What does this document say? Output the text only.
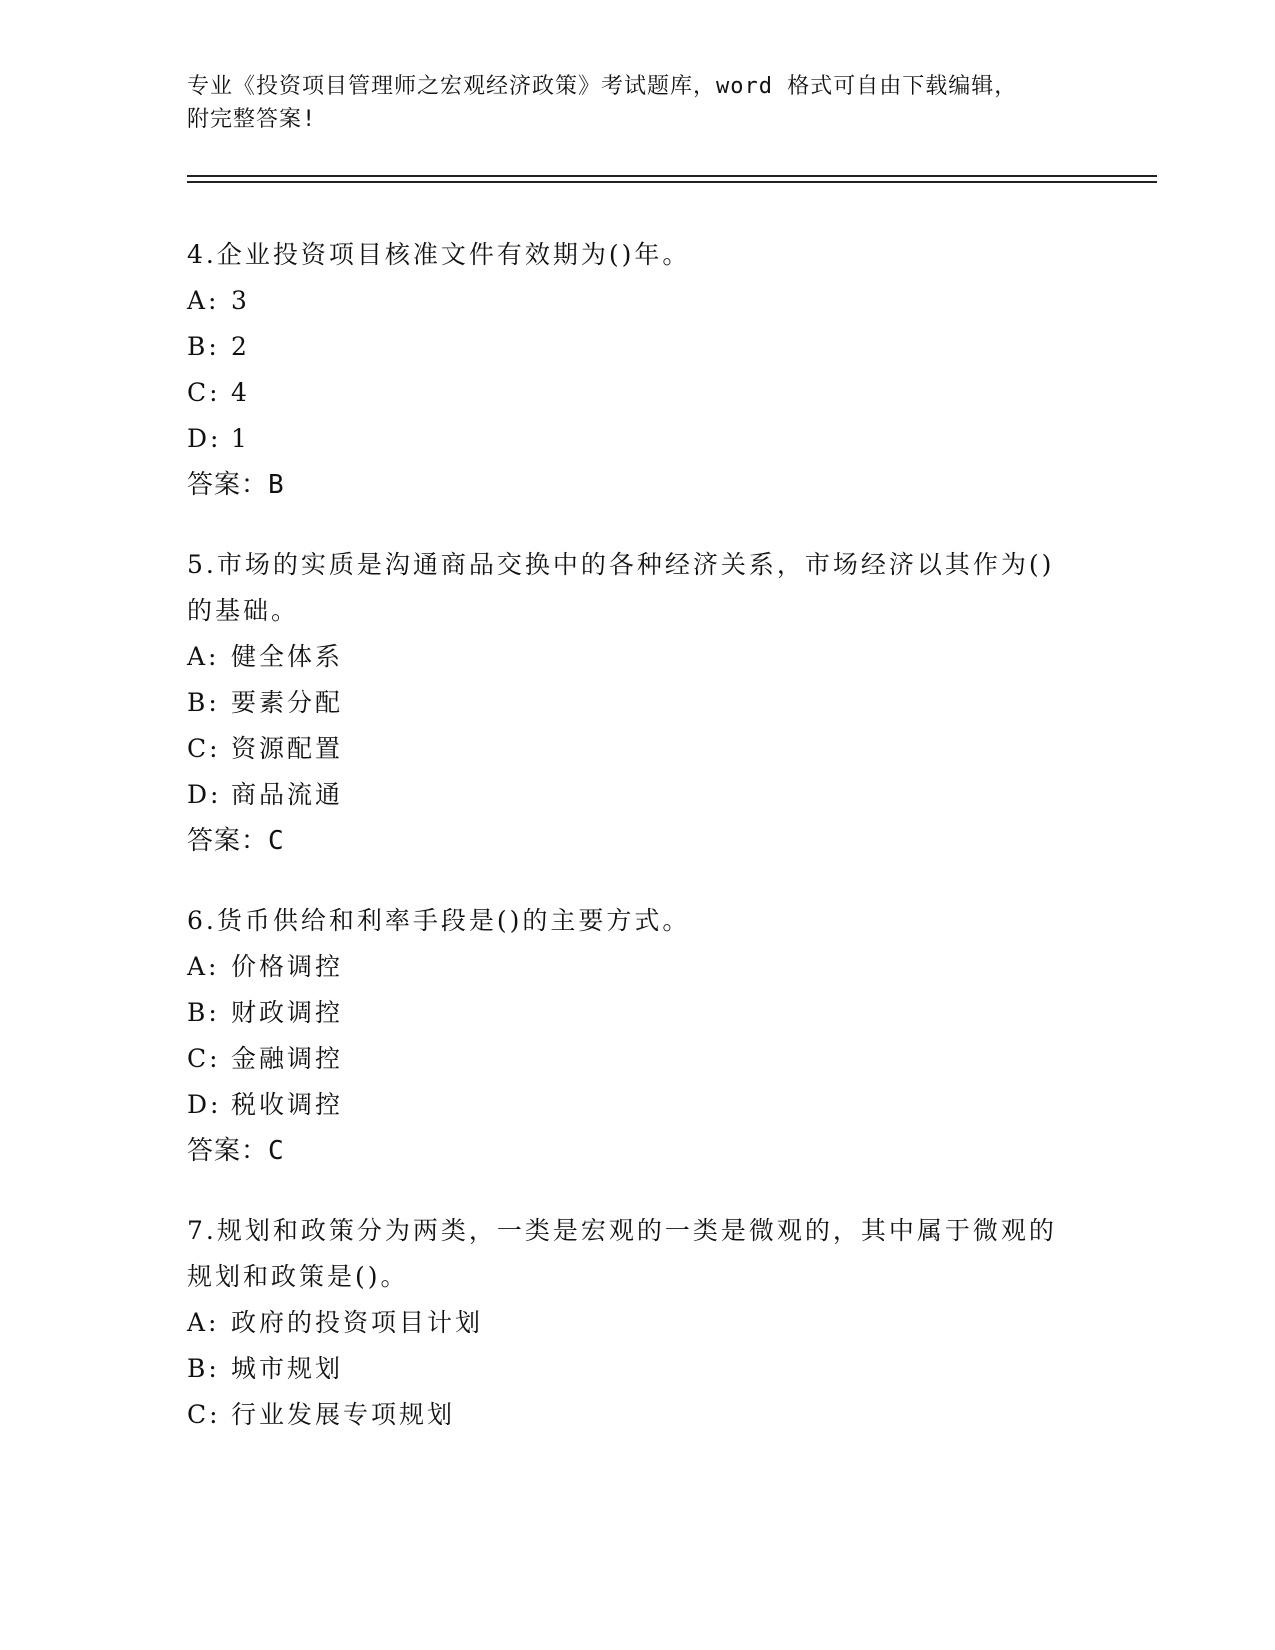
专业《投资项目管理师之宏观经济政策》考试题库，word 格式可自由下载编辑，
附完整答案!
4.企业投资项目核准文件有效期为()年。
A: 3
B: 2
C: 4
D: 1
答案：B
5.市场的实质是沟通商品交换中的各种经济关系，市场经济以其作为()的基础。
A: 健全体系
B: 要素分配
C: 资源配置
D: 商品流通
答案：C
6.货币供给和利率手段是()的主要方式。
A: 价格调控
B: 财政调控
C: 金融调控
D: 税收调控
答案：C
7.规划和政策分为两类，一类是宏观的一类是微观的，其中属于微观的规划和政策是()。
A: 政府的投资项目计划
B: 城市规划
C: 行业发展专项规划
